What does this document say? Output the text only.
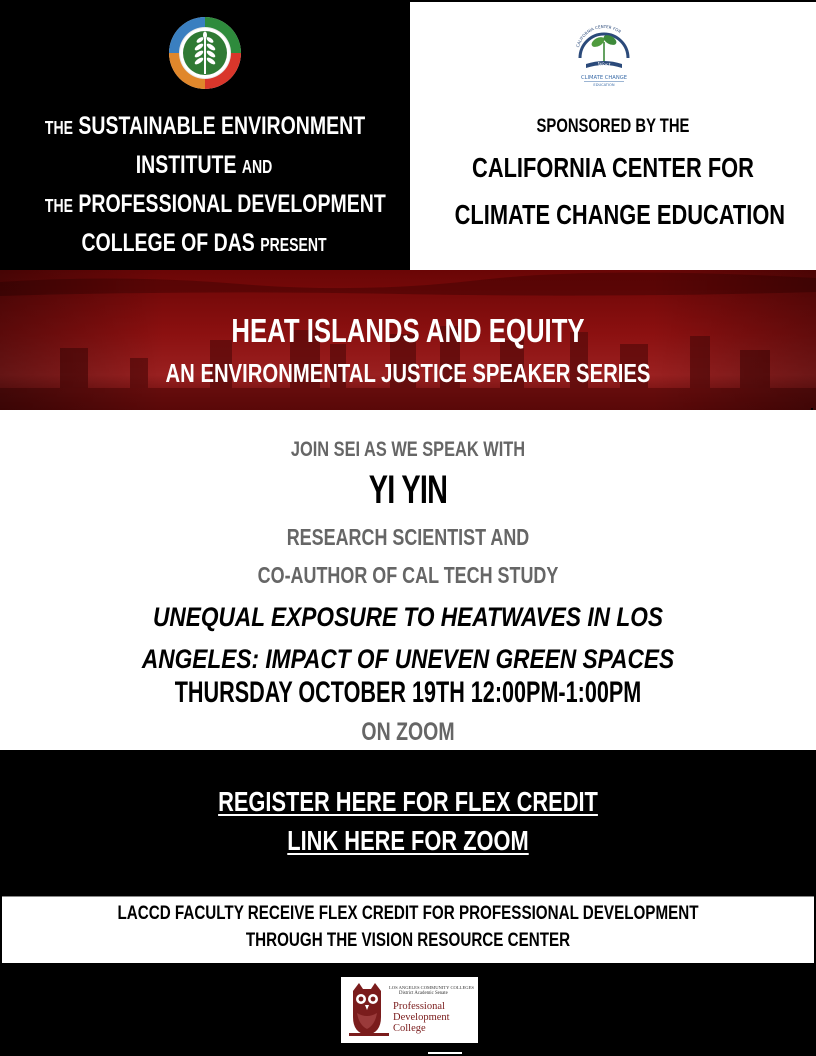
THE SUSTAINABLE ENVIRONMENT
INSTITUTE AND
THE PROFESSIONAL DEVELOPMENT
COLLEGE OF DAS PRESENT
CALIFORNIA CENTER FOR
West
CLIMATE CHANGE
EDUCATION
SPONSORED BY THE
CALIFORNIA CENTER FOR
CLIMATE CHANGE EDUCATION
HEAT ISLANDS AND EQUITY
AN ENVIRONMENTAL JUSTICE SPEAKER SERIES
JOIN SEI AS WE SPEAK WITH
YI YIN
RESEARCH SCIENTIST AND
CO-AUTHOR OF CAL TECH STUDY
UNEQUAL EXPOSURE TO HEATWAVES IN LOS ANGELES: IMPACT OF UNEVEN GREEN SPACES
THURSDAY OCTOBER 19TH 12:00PM-1:00PM
ON ZOOM
REGISTER HERE FOR FLEX CREDIT
LINK HERE FOR ZOOM
LACCD FACULTY RECEIVE FLEX CREDIT FOR PROFESSIONAL DEVELOPMENT
THROUGH THE VISION RESOURCE CENTER
LOS ANGELES COMMUNITY COLLEGES
District Academic Senate
Professional
Development
College
